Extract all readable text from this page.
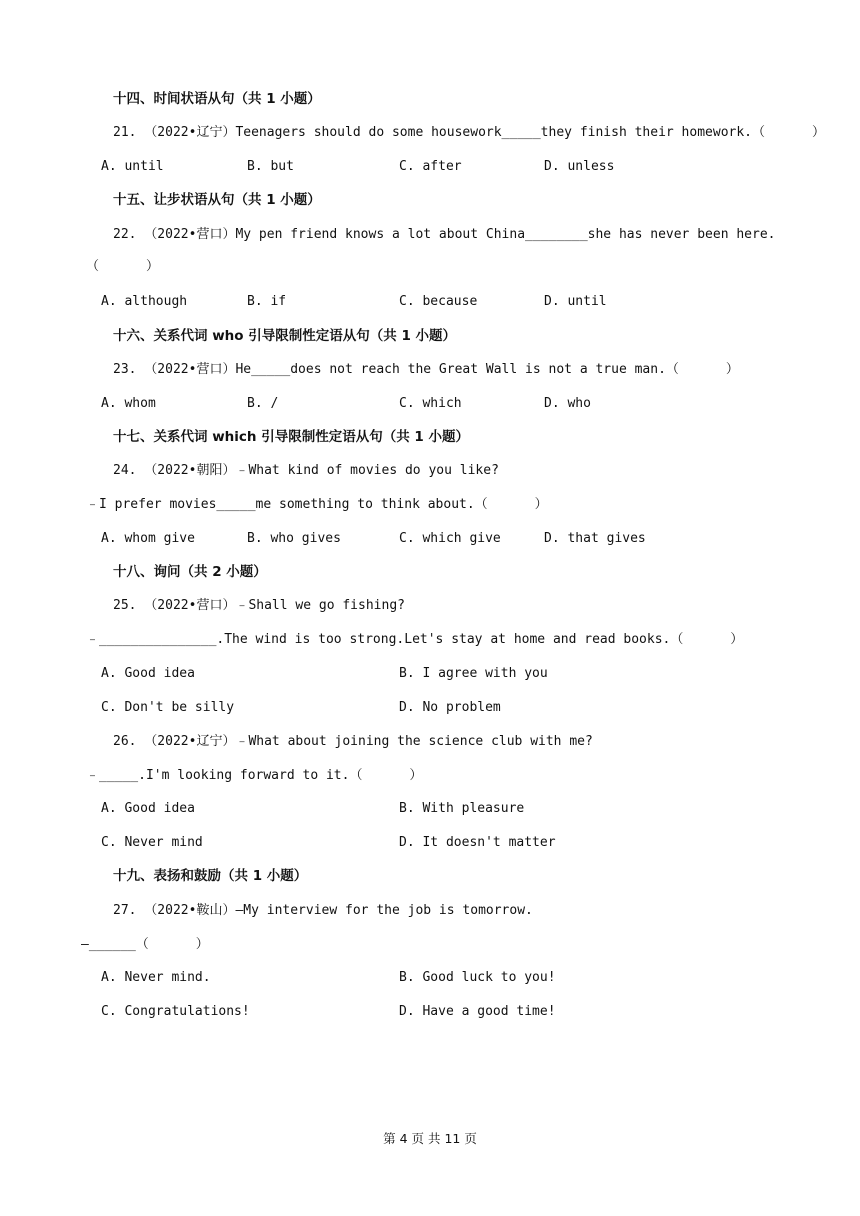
十四、时间状语从句（共 1 小题）
21. （2022•辽宁）Teenagers should do some housework_____they finish their homework.（      ）
A. until	B. but	C. after	D. unless
十五、让步状语从句（共 1 小题）
22. （2022•营口）My pen friend knows a lot about China________she has never been here.
（      ）
A. although	B. if	C. because	D. until
十六、关系代词 who 引导限制性定语从句（共 1 小题）
23. （2022•营口）He_____does not reach the Great Wall is not a true man.（      ）
A. whom	B. /	C. which	D. who
十七、关系代词 which 引导限制性定语从句（共 1 小题）
24. （2022•朝阳）﹣What kind of movies do you like?
﹣I prefer movies_____me something to think about.（      ）
A. whom give	B. who gives	C. which give	D. that gives
十八、询问（共 2 小题）
25. （2022•营口）﹣Shall we go fishing?
﹣_______________.The wind is too strong.Let's stay at home and read books.（      ）
A. Good idea	B. I agree with you
C. Don't be silly	D. No problem
26. （2022•辽宁）﹣What about joining the science club with me?
﹣_____.I'm looking forward to it.（      ）
A. Good idea	B. With pleasure
C. Never mind	D. It doesn't matter
十九、表扬和鼓励（共 1 小题）
27. （2022•鞍山）—My interview for the job is tomorrow.
—______（      ）
A. Never mind.	B. Good luck to you!
C. Congratulations!	D. Have a good time!
第 4 页 共 11 页
